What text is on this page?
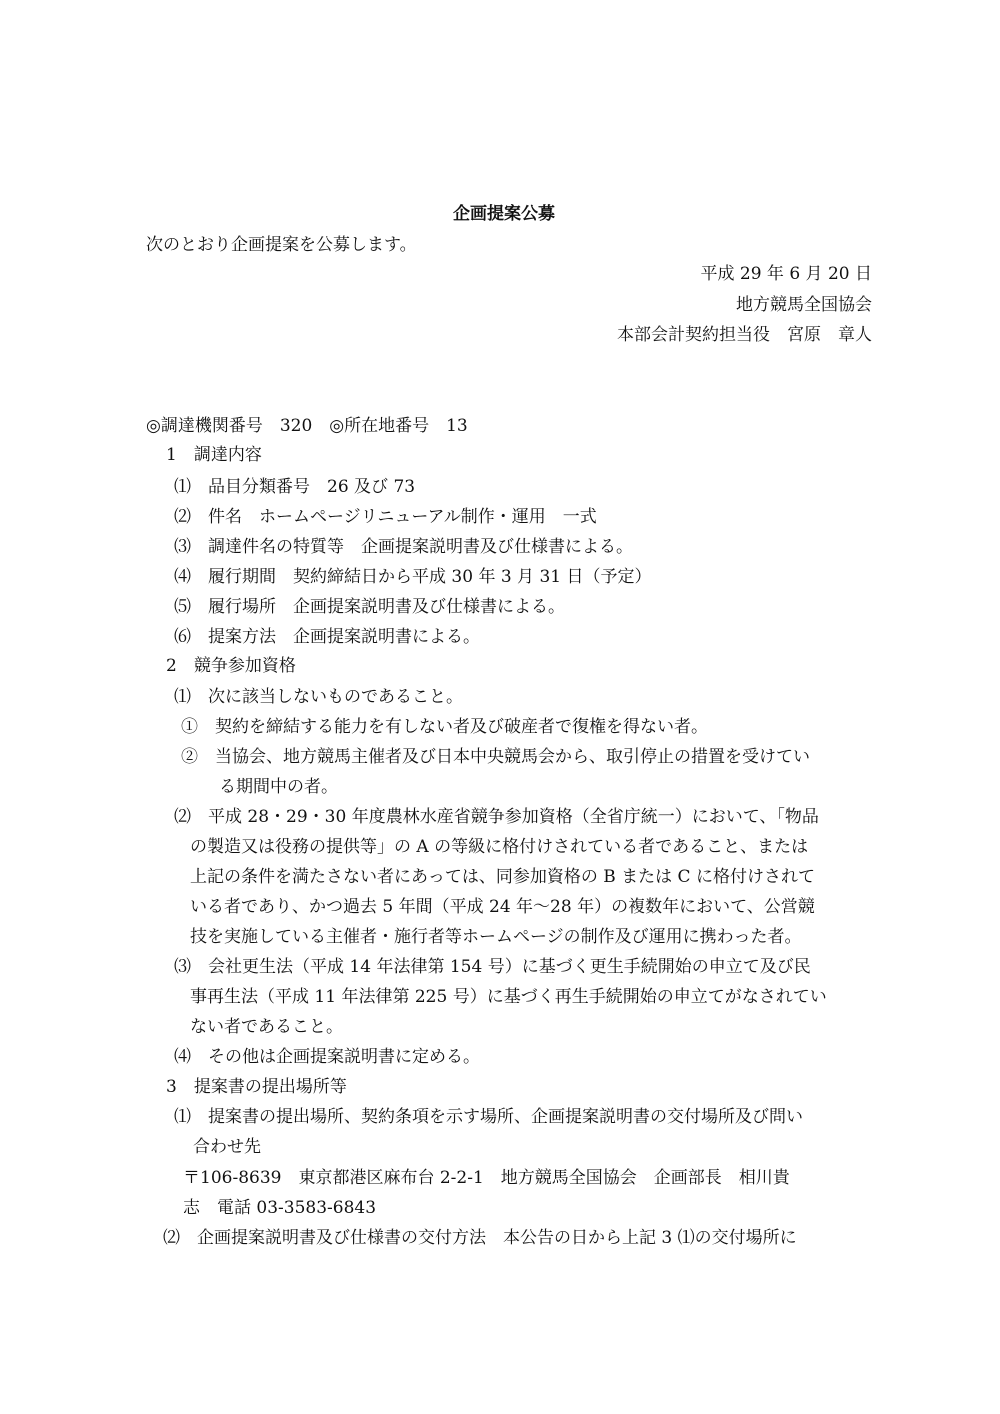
企画提案公募
次のとおり企画提案を公募します。
平成 29 年 6 月 20 日
地方競馬全国協会
本部会計契約担当役　宮原　章人
◎調達機関番号　320　◎所在地番号　13
1　調達内容
⑴　品目分類番号　26 及び 73
⑵　件名　ホームページリニューアル制作・運用　一式
⑶　調達件名の特質等　企画提案説明書及び仕様書による。
⑷　履行期間　契約締結日から平成 30 年 3 月 31 日（予定）
⑸　履行場所　企画提案説明書及び仕様書による。
⑹　提案方法　企画提案説明書による。
2　競争参加資格
⑴　次に該当しないものであること。
①　契約を締結する能力を有しない者及び破産者で復権を得ない者。
②　当協会、地方競馬主催者及び日本中央競馬会から、取引停止の措置を受けてい
る期間中の者。
⑵　平成 28・29・30 年度農林水産省競争参加資格（全省庁統一）において、「物品
の製造又は役務の提供等」の A の等級に格付けされている者であること、または
上記の条件を満たさない者にあっては、同参加資格の B または C に格付けされて
いる者であり、かつ過去 5 年間（平成 24 年～28 年）の複数年において、公営競
技を実施している主催者・施行者等ホームページの制作及び運用に携わった者。
⑶　会社更生法（平成 14 年法律第 154 号）に基づく更生手続開始の申立て及び民
事再生法（平成 11 年法律第 225 号）に基づく再生手続開始の申立てがなされてい
ない者であること。
⑷　その他は企画提案説明書に定める。
3　提案書の提出場所等
⑴　提案書の提出場所、契約条項を示す場所、企画提案説明書の交付場所及び問い
合わせ先
〒106-8639　東京都港区麻布台 2‐2‐1　地方競馬全国協会　企画部長　相川貴
志　電話 03‐3583‐6843
⑵　企画提案説明書及び仕様書の交付方法　本公告の日から上記 3 ⑴の交付場所に
